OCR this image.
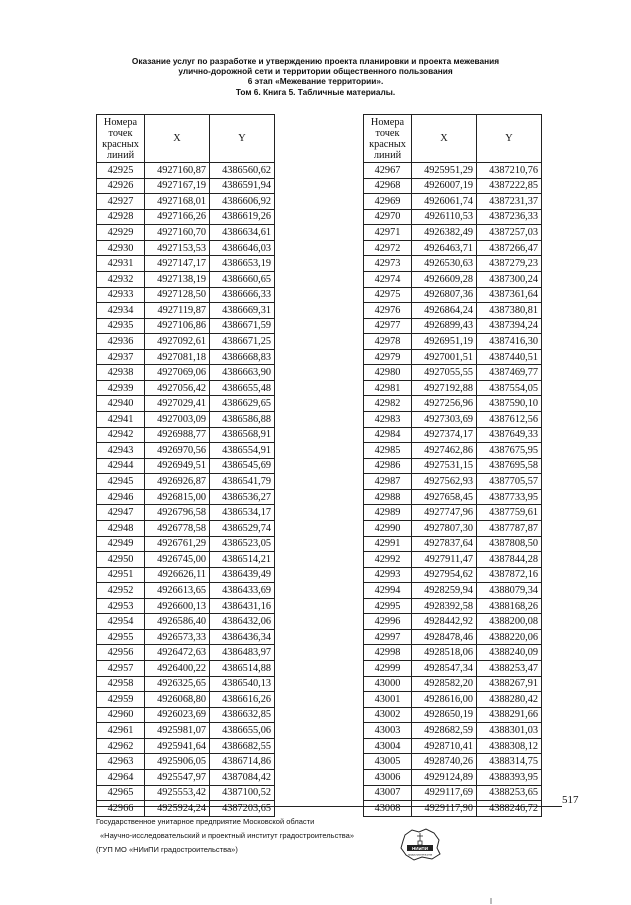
Оказание услуг по разработке и утверждению проекта планировки и проекта межевания
улично-дорожной сети и территории общественного пользования
6 этап «Межевание территории».
Том 6. Книга 5. Табличные материалы.
Номера точек красных линий	X	Y
42925	4927160,87	4386560,62
42926	4927167,19	4386591,94
42927	4927168,01	4386606,92
42928	4927166,26	4386619,26
42929	4927160,70	4386634,61
42930	4927153,53	4386646,03
42931	4927147,17	4386653,19
42932	4927138,19	4386660,65
42933	4927128,50	4386666,33
42934	4927119,87	4386669,31
42935	4927106,86	4386671,59
42936	4927092,61	4386671,25
42937	4927081,18	4386668,83
42938	4927069,06	4386663,90
42939	4927056,42	4386655,48
42940	4927029,41	4386629,65
42941	4927003,09	4386586,88
42942	4926988,77	4386568,91
42943	4926970,56	4386554,91
42944	4926949,51	4386545,69
42945	4926926,87	4386541,79
42946	4926815,00	4386536,27
42947	4926796,58	4386534,17
42948	4926778,58	4386529,74
42949	4926761,29	4386523,05
42950	4926745,00	4386514,21
42951	4926626,11	4386439,49
42952	4926613,65	4386433,69
42953	4926600,13	4386431,16
42954	4926586,40	4386432,06
42955	4926573,33	4386436,34
42956	4926472,63	4386483,97
42957	4926400,22	4386514,88
42958	4926325,65	4386540,13
42959	4926068,80	4386616,26
42960	4926023,69	4386632,85
42961	4925981,07	4386655,06
42962	4925941,64	4386682,55
42963	4925906,05	4386714,86
42964	4925547,97	4387084,42
42965	4925553,42	4387100,52
42966	4925924,24	4387203,65
Номера точек красных линий	X	Y
42967	4925951,29	4387210,76
42968	4926007,19	4387222,85
42969	4926061,74	4387231,37
42970	4926110,53	4387236,33
42971	4926382,49	4387257,03
42972	4926463,71	4387266,47
42973	4926530,63	4387279,23
42974	4926609,28	4387300,24
42975	4926807,36	4387361,64
42976	4926864,24	4387380,81
42977	4926899,43	4387394,24
42978	4926951,19	4387416,30
42979	4927001,51	4387440,51
42980	4927055,55	4387469,77
42981	4927192,88	4387554,05
42982	4927256,96	4387590,10
42983	4927303,69	4387612,56
42984	4927374,17	4387649,33
42985	4927462,86	4387675,95
42986	4927531,15	4387695,58
42987	4927562,93	4387705,57
42988	4927658,45	4387733,95
42989	4927747,96	4387759,61
42990	4927807,30	4387787,87
42991	4927837,64	4387808,50
42992	4927911,47	4387844,28
42993	4927954,62	4387872,16
42994	4928259,94	4388079,34
42995	4928392,58	4388168,26
42996	4928442,92	4388200,08
42997	4928478,46	4388220,06
42998	4928518,06	4388240,09
42999	4928547,34	4388253,47
43000	4928582,20	4388267,91
43001	4928616,00	4388280,42
43002	4928650,19	4388291,66
43003	4928682,59	4388301,03
43004	4928710,41	4388308,12
43005	4928740,26	4388314,75
43006	4929124,89	4388393,95
43007	4929117,69	4388253,65
43008	4929117,90	4388246,72
517
Государственное унитарное предприятие Московской области
«Научно-исследовательский и проектный институт градостроительства»
(ГУП МО «НИиПИ градостроительства»)	НИиПИ
градостроительства
